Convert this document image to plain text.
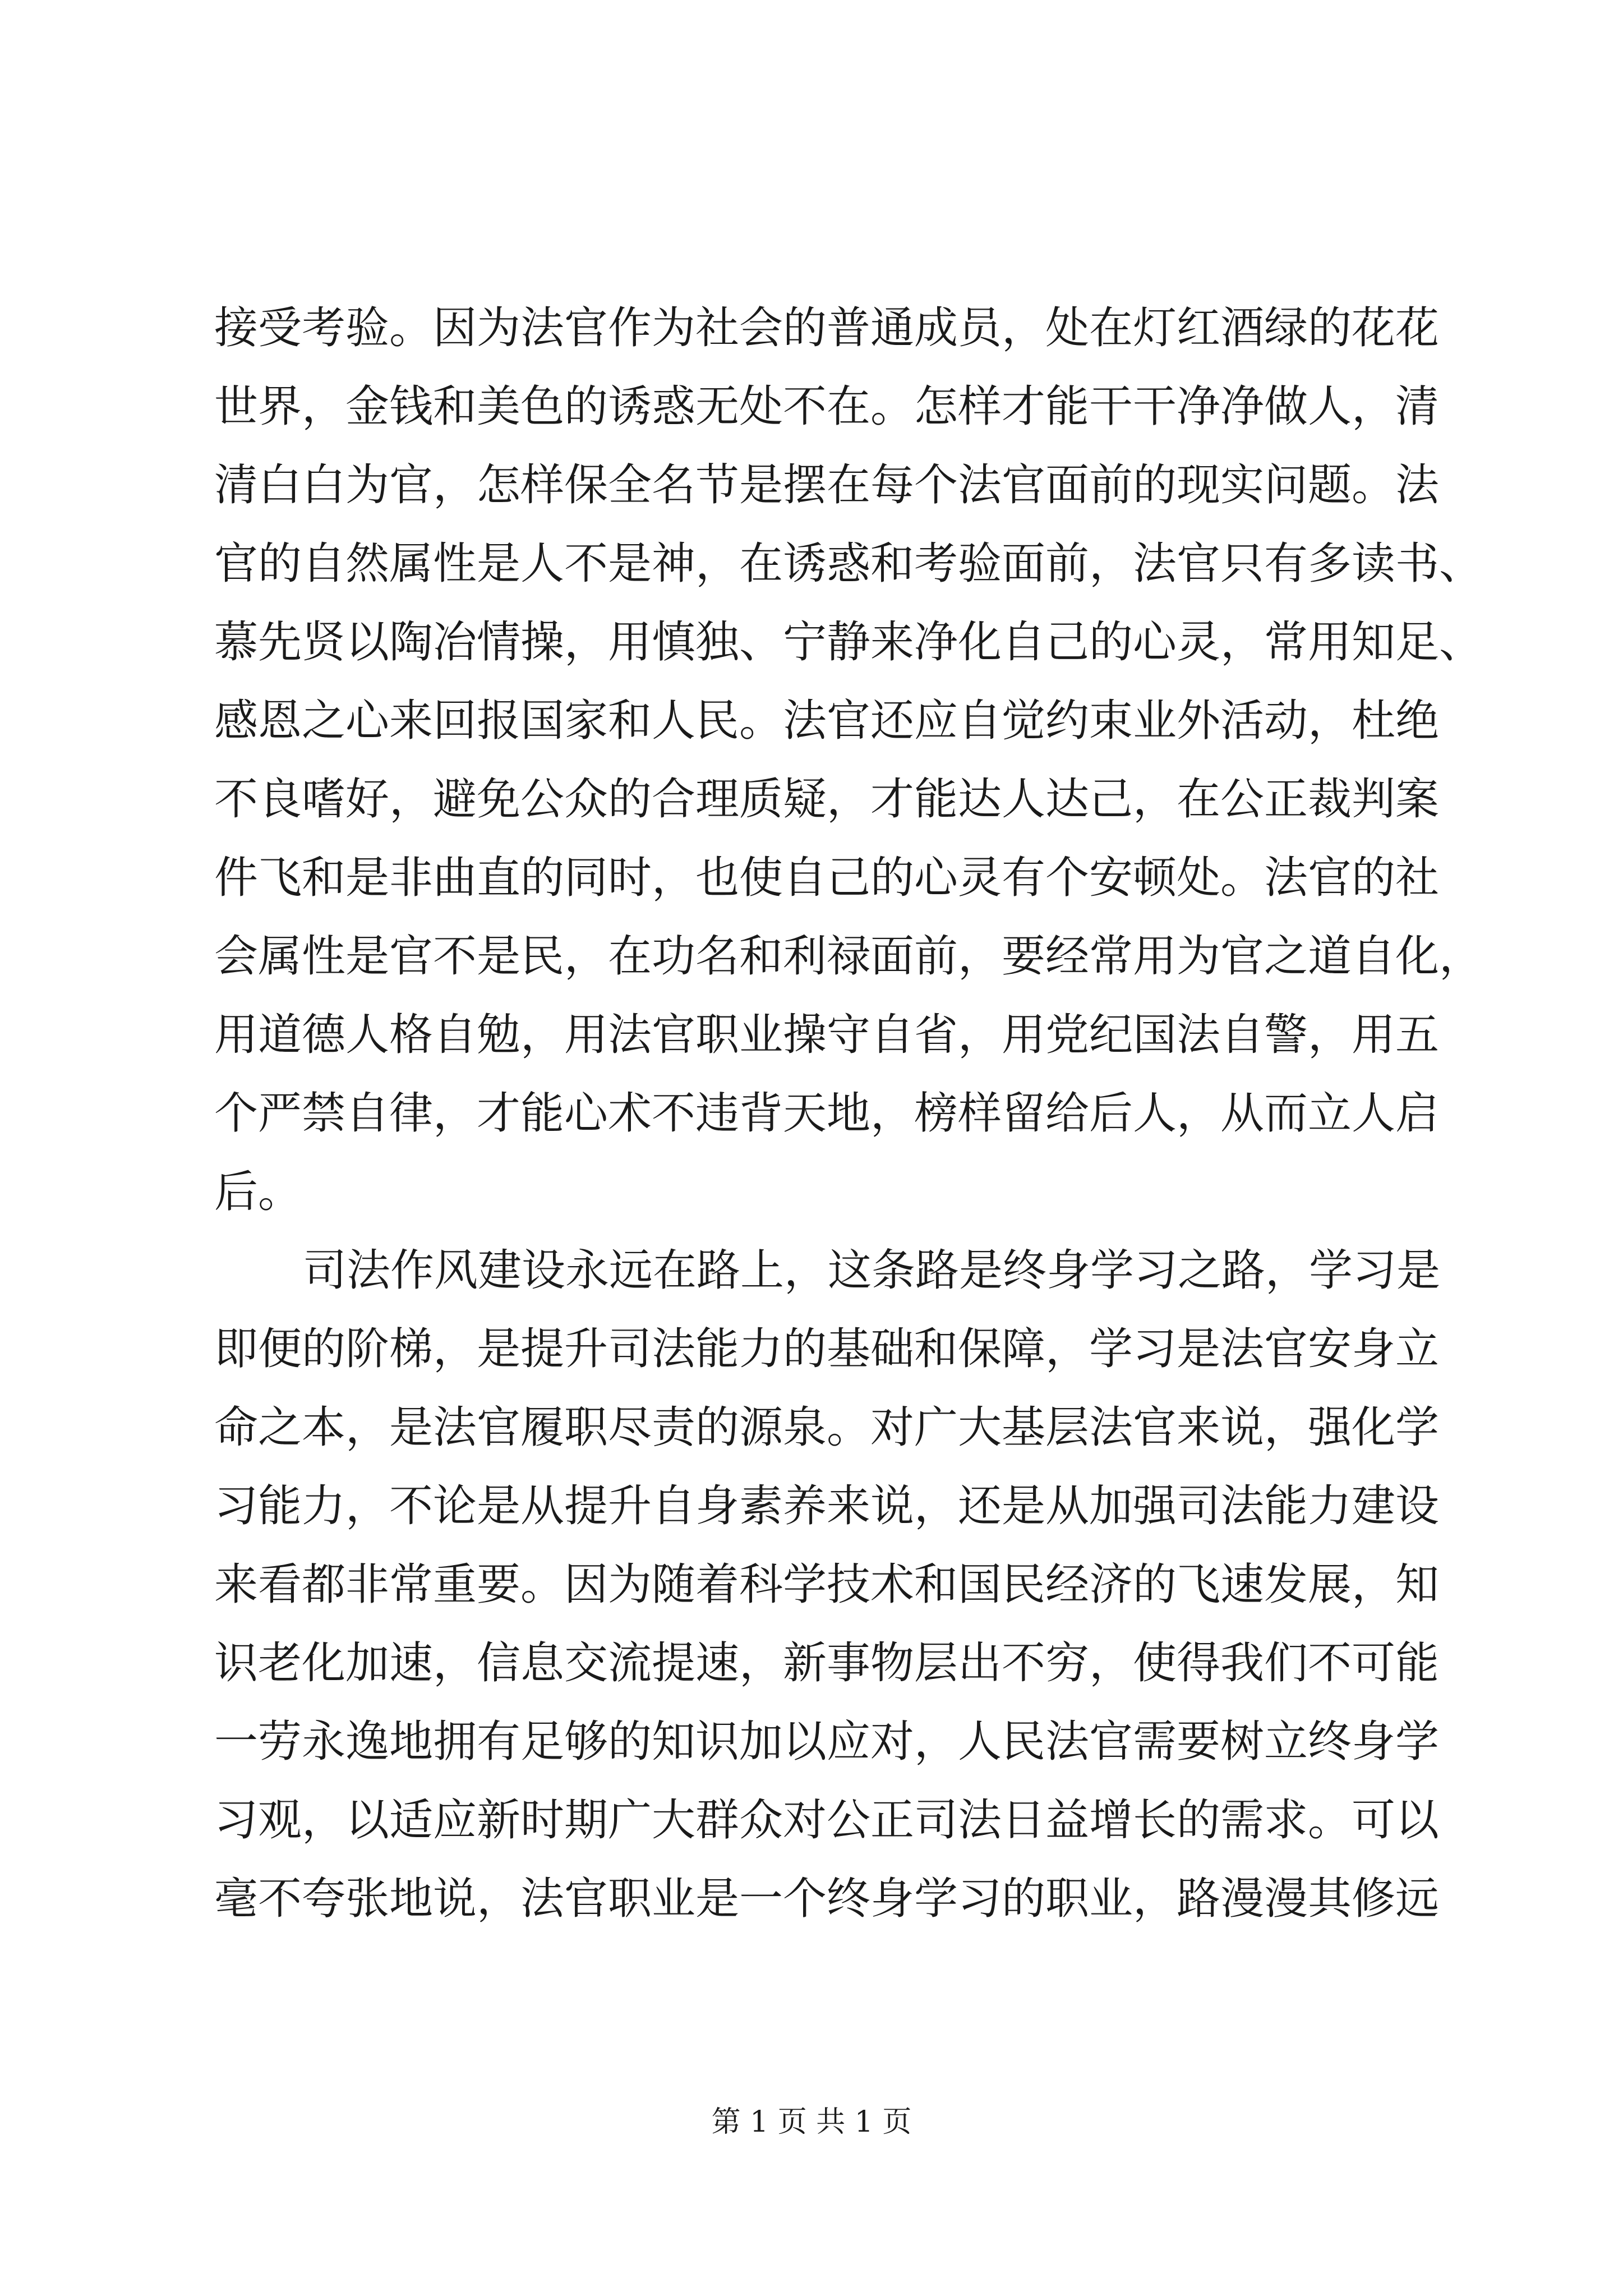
接受考验。因为法官作为社会的普通成员，处在灯红酒绿的花花
世界，金钱和美色的诱惑无处不在。怎样才能干干净净做人，清
清白白为官，怎样保全名节是摆在每个法官面前的现实问题。法
官的自然属性是人不是神，在诱惑和考验面前，法官只有多读书、
慕先贤以陶冶情操，用慎独、宁静来净化自己的心灵，常用知足、
感恩之心来回报国家和人民。法官还应自觉约束业外活动，杜绝
不良嗜好，避免公众的合理质疑，才能达人达己，在公正裁判案
件飞和是非曲直的同时，也使自己的心灵有个安顿处。法官的社
会属性是官不是民，在功名和利禄面前，要经常用为官之道自化，
用道德人格自勉，用法官职业操守自省，用党纪国法自警，用五
个严禁自律，才能心术不违背天地，榜样留给后人，从而立人启
后。
司法作风建设永远在路上，这条路是终身学习之路，学习是
即便的阶梯，是提升司法能力的基础和保障，学习是法官安身立
命之本，是法官履职尽责的源泉。对广大基层法官来说，强化学
习能力，不论是从提升自身素养来说，还是从加强司法能力建设
来看都非常重要。因为随着科学技术和国民经济的飞速发展，知
识老化加速，信息交流提速，新事物层出不穷，使得我们不可能
一劳永逸地拥有足够的知识加以应对，人民法官需要树立终身学
习观，以适应新时期广大群众对公正司法日益增长的需求。可以
毫不夸张地说，法官职业是一个终身学习的职业，路漫漫其修远
第 1 页 共 1 页
